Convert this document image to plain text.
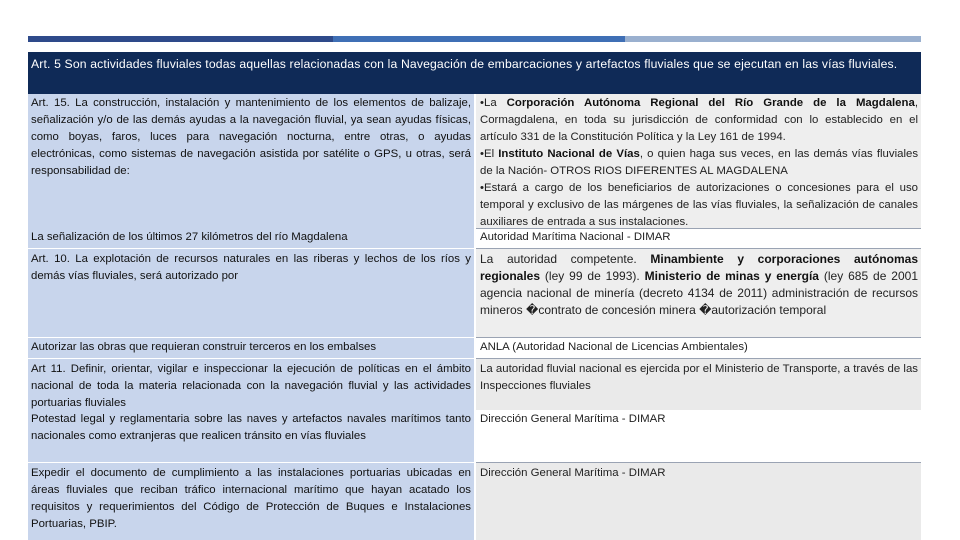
Art. 5 Son actividades fluviales todas aquellas relacionadas con la Navegación de embarcaciones y artefactos fluviales que se ejecutan en las vías fluviales.
Art. 15. La construcción, instalación y mantenimiento de los elementos de balizaje, señalización y/o de las demás ayudas a la navegación fluvial, ya sean ayudas físicas, como boyas, faros, luces para navegación nocturna, entre otras, o ayudas electrónicas, como sistemas de navegación asistida por satélite o GPS, u otras, será responsabilidad de:

•La Corporación Autónoma Regional del Río Grande de la Magdalena, Cormagdalena, en toda su jurisdicción de conformidad con lo establecido en el artículo 331 de la Constitución Política y la Ley 161 de 1994.

•El Instituto Nacional de Vías, o quien haga sus veces, en las demás vías fluviales de la Nación- OTROS RIOS DIFERENTES AL MAGDALENA

•Estará a cargo de los beneficiarios de autorizaciones o concesiones para el uso temporal y exclusivo de las márgenes de las vías fluviales, la señalización de canales auxiliares de entrada a sus instalaciones.

La señalización de los últimos 27 kilómetros del río Magdalena	Autoridad Marítima Nacional - DIMAR
Art. 10. La explotación de recursos naturales en las riberas y lechos de los ríos y demás vías fluviales, será autorizado por
La autoridad competente. Minambiente y corporaciones autónomas regionales (ley 99 de 1993). Ministerio de minas y energía (ley 685 de 2001 agencia nacional de minería (decreto 4134 de 2011) administración de recursos mineros �contrato de concesión minera �autorización temporal
Autorizar las obras que requieran construir terceros en los embalses	ANLA (Autoridad Nacional de Licencias Ambientales)
Art 11. Definir, orientar, vigilar e inspeccionar la ejecución de políticas en el ámbito nacional de toda la materia relacionada con la navegación fluvial y las actividades portuarias fluviales
La autoridad fluvial nacional es ejercida por el Ministerio de Transporte, a través de las Inspecciones fluviales
Potestad legal y reglamentaria sobre las naves y artefactos navales marítimos tanto nacionales como extranjeras que realicen tránsito en vías fluviales
Dirección General Marítima - DIMAR
Expedir el documento de cumplimiento a las instalaciones portuarias ubicadas en áreas fluviales que reciban tráfico internacional marítimo que hayan acatado los requisitos y requerimientos del Código de Protección de Buques e Instalaciones Portuarias, PBIP.
Dirección General Marítima - DIMAR
